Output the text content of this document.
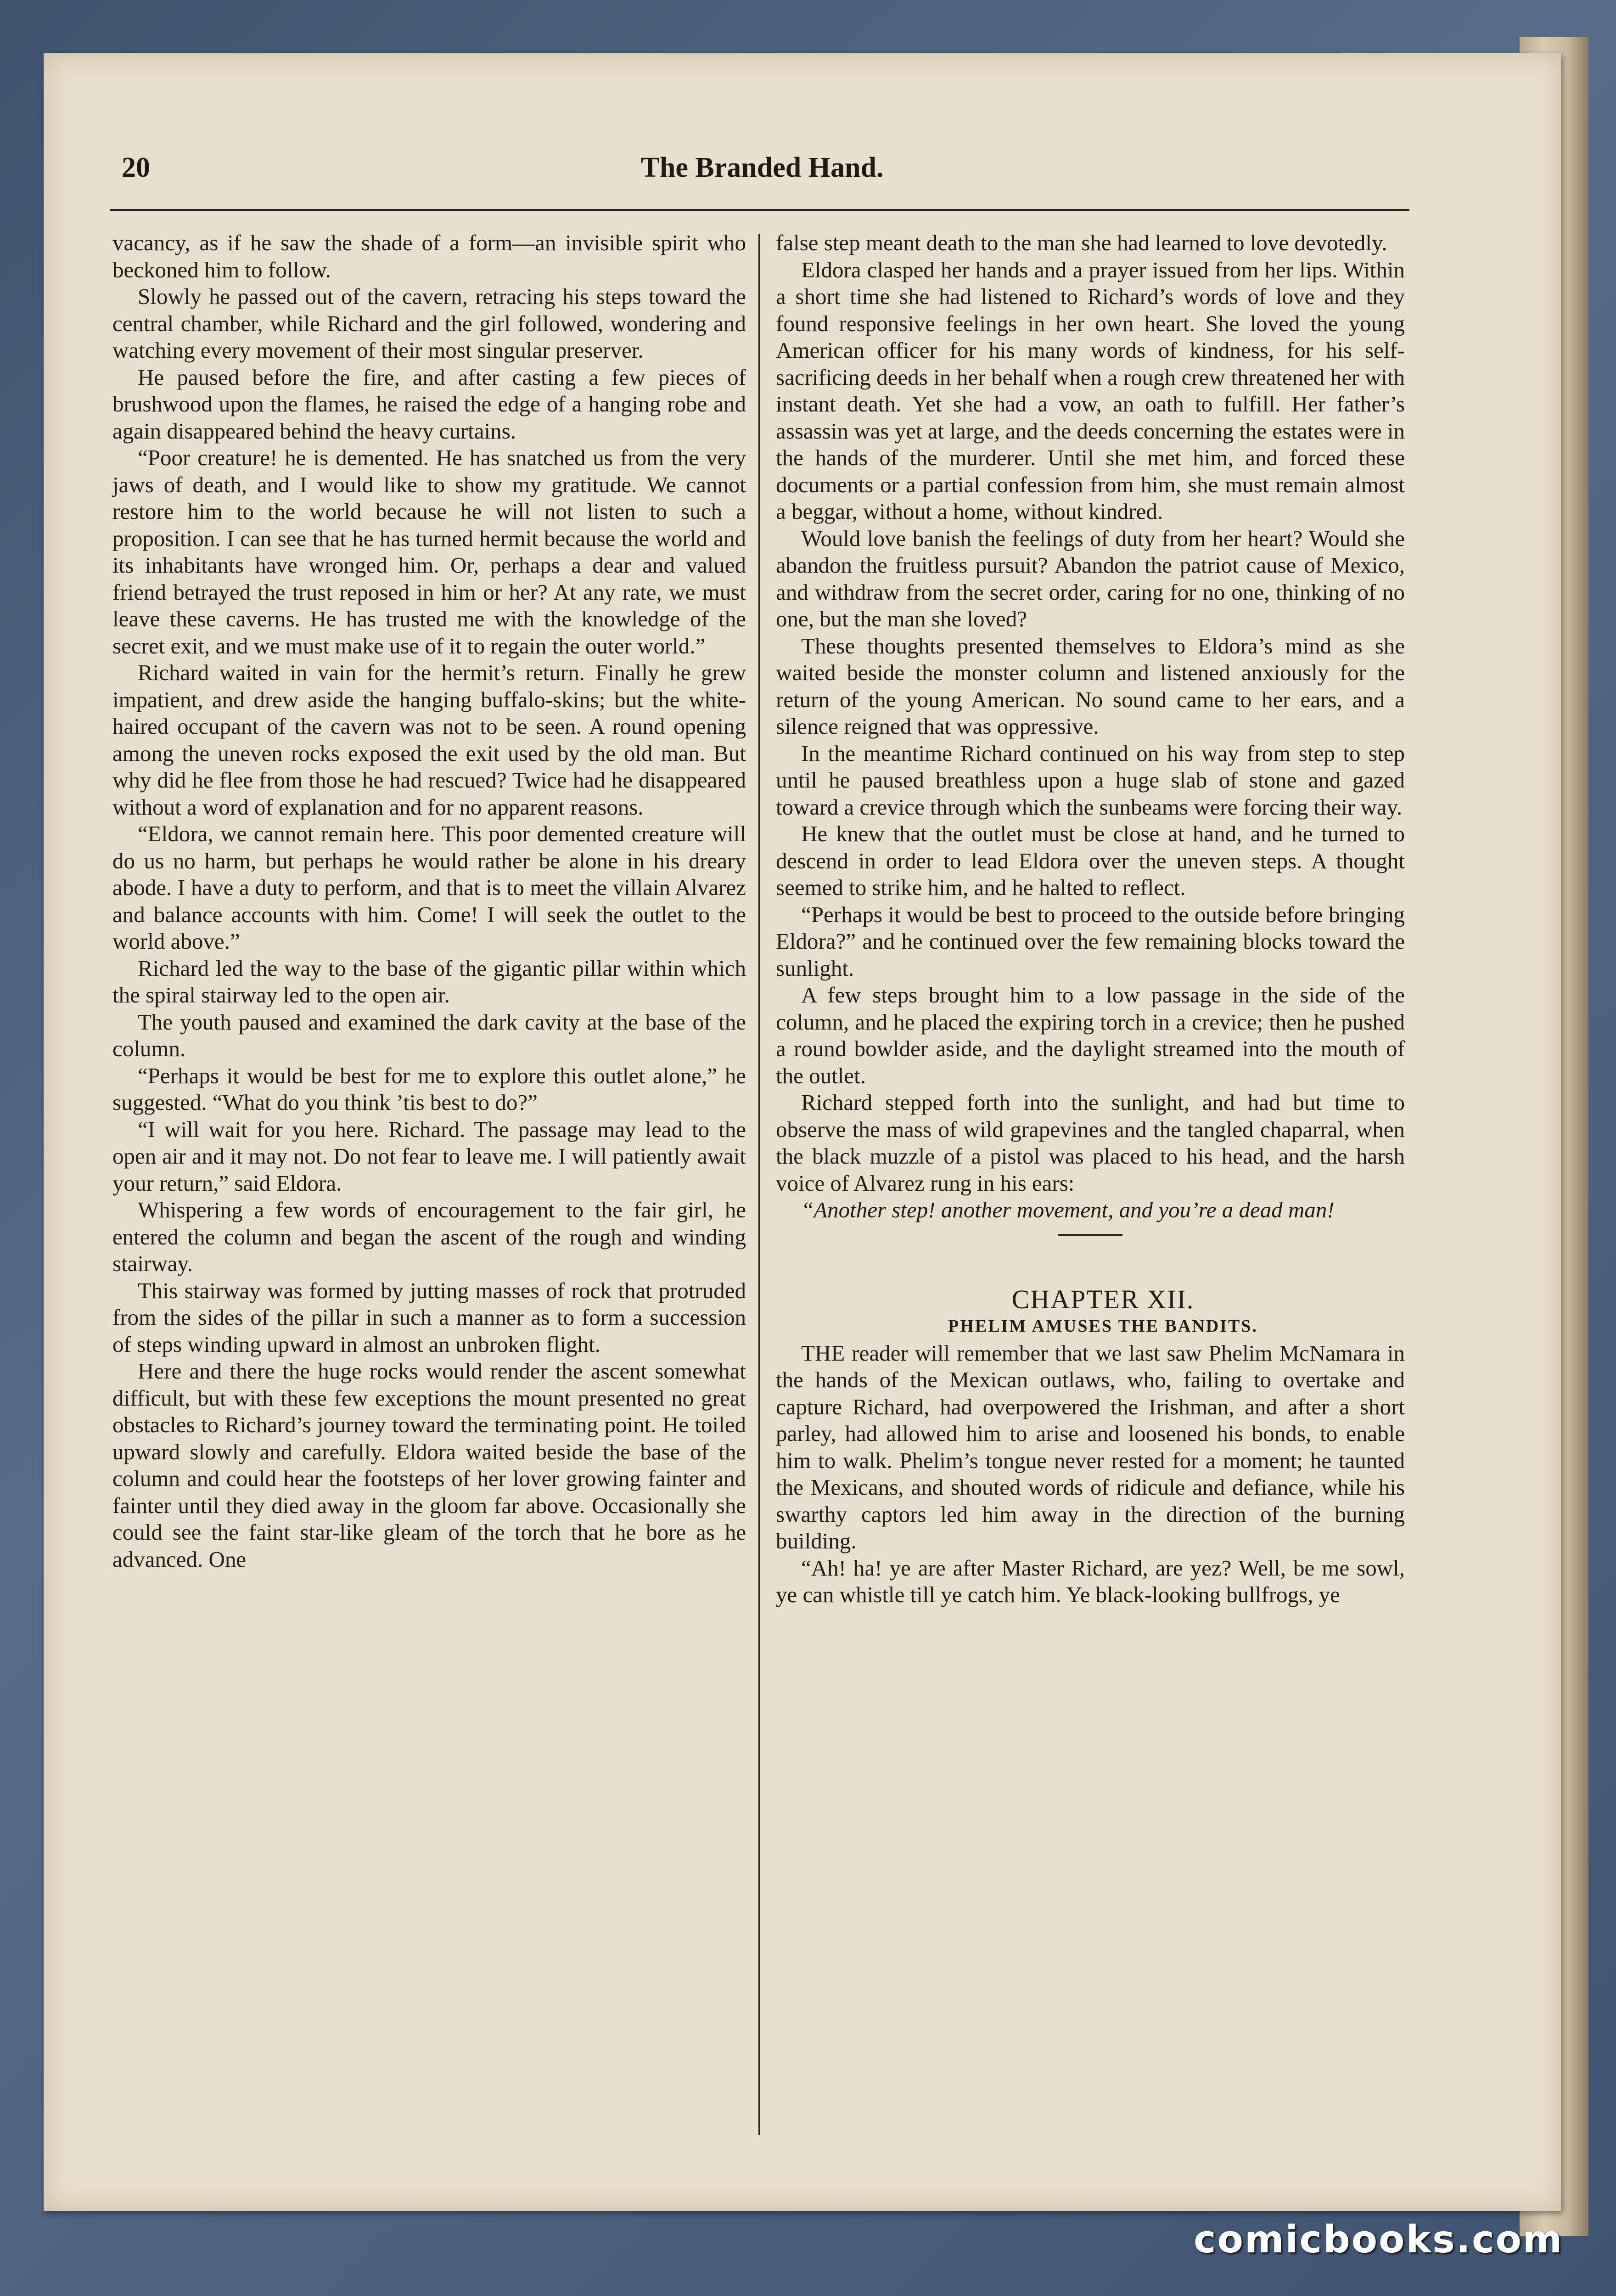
20	The Branded Hand.

vacancy, as if he saw the shade of a form—an invisible spirit who beckoned him to follow.

Slowly he passed out of the cavern, retracing his steps toward the central chamber, while Richard and the girl followed, wondering and watching every movement of their most singular preserver.

He paused before the fire, and after casting a few pieces of brushwood upon the flames, he raised the edge of a hanging robe and again disappeared behind the heavy curtains.

“Poor creature! he is demented. He has snatched us from the very jaws of death, and I would like to show my gratitude. We cannot restore him to the world because he will not listen to such a proposition. I can see that he has turned hermit because the world and its inhabitants have wronged him. Or, perhaps a dear and valued friend betrayed the trust reposed in him or her? At any rate, we must leave these caverns. He has trusted me with the knowledge of the secret exit, and we must make use of it to regain the outer world.”

Richard waited in vain for the hermit’s return. Finally he grew impatient, and drew aside the hanging buffalo-skins; but the white-haired occupant of the cavern was not to be seen. A round opening among the uneven rocks exposed the exit used by the old man. But why did he flee from those he had rescued? Twice had he disappeared without a word of explanation and for no apparent reasons.

“Eldora, we cannot remain here. This poor demented creature will do us no harm, but perhaps he would rather be alone in his dreary abode. I have a duty to perform, and that is to meet the villain Alvarez and balance accounts with him. Come! I will seek the outlet to the world above.”

Richard led the way to the base of the gigantic pillar within which the spiral stairway led to the open air.

The youth paused and examined the dark cavity at the base of the column.

“Perhaps it would be best for me to explore this outlet alone,” he suggested. “What do you think ’tis best to do?”

“I will wait for you here. Richard. The passage may lead to the open air and it may not. Do not fear to leave me. I will patiently await your return,” said Eldora.

Whispering a few words of encouragement to the fair girl, he entered the column and began the ascent of the rough and winding stairway.

This stairway was formed by jutting masses of rock that protruded from the sides of the pillar in such a manner as to form a succession of steps winding upward in almost an unbroken flight.

Here and there the huge rocks would render the ascent somewhat difficult, but with these few exceptions the mount presented no great obstacles to Richard’s journey toward the terminating point. He toiled upward slowly and carefully. Eldora waited beside the base of the column and could hear the footsteps of her lover growing fainter and fainter until they died away in the gloom far above. Occasionally she could see the faint star-like gleam of the torch that he bore as he advanced. One

false step meant death to the man she had learned to love devotedly.

Eldora clasped her hands and a prayer issued from her lips. Within a short time she had listened to Richard’s words of love and they found responsive feelings in her own heart. She loved the young American officer for his many words of kindness, for his self-sacrificing deeds in her behalf when a rough crew threatened her with instant death. Yet she had a vow, an oath to fulfill. Her father’s assassin was yet at large, and the deeds concerning the estates were in the hands of the murderer. Until she met him, and forced these documents or a partial confession from him, she must remain almost a beggar, without a home, without kindred.

Would love banish the feelings of duty from her heart? Would she abandon the fruitless pursuit? Abandon the patriot cause of Mexico, and withdraw from the secret order, caring for no one, thinking of no one, but the man she loved?

These thoughts presented themselves to Eldora’s mind as she waited beside the monster column and listened anxiously for the return of the young American. No sound came to her ears, and a silence reigned that was oppressive.

In the meantime Richard continued on his way from step to step until he paused breathless upon a huge slab of stone and gazed toward a crevice through which the sunbeams were forcing their way.

He knew that the outlet must be close at hand, and he turned to descend in order to lead Eldora over the uneven steps. A thought seemed to strike him, and he halted to reflect.

“Perhaps it would be best to proceed to the outside before bringing Eldora?” and he continued over the few remaining blocks toward the sunlight.

A few steps brought him to a low passage in the side of the column, and he placed the expiring torch in a crevice; then he pushed a round bowlder aside, and the daylight streamed into the mouth of the outlet.

Richard stepped forth into the sunlight, and had but time to observe the mass of wild grapevines and the tangled chaparral, when the black muzzle of a pistol was placed to his head, and the harsh voice of Alvarez rung in his ears:

“Another step! another movement, and you’re a dead man!

CHAPTER XII.

PHELIM AMUSES THE BANDITS.

THE reader will remember that we last saw Phelim McNamara in the hands of the Mexican outlaws, who, failing to overtake and capture Richard, had overpowered the Irishman, and after a short parley, had allowed him to arise and loosened his bonds, to enable him to walk. Phelim’s tongue never rested for a moment; he taunted the Mexicans, and shouted words of ridicule and defiance, while his swarthy captors led him away in the direction of the burning building.

“Ah! ha! ye are after Master Richard, are yez? Well, be me sowl, ye can whistle till ye catch him. Ye black-looking bullfrogs, ye

comicbooks.com
